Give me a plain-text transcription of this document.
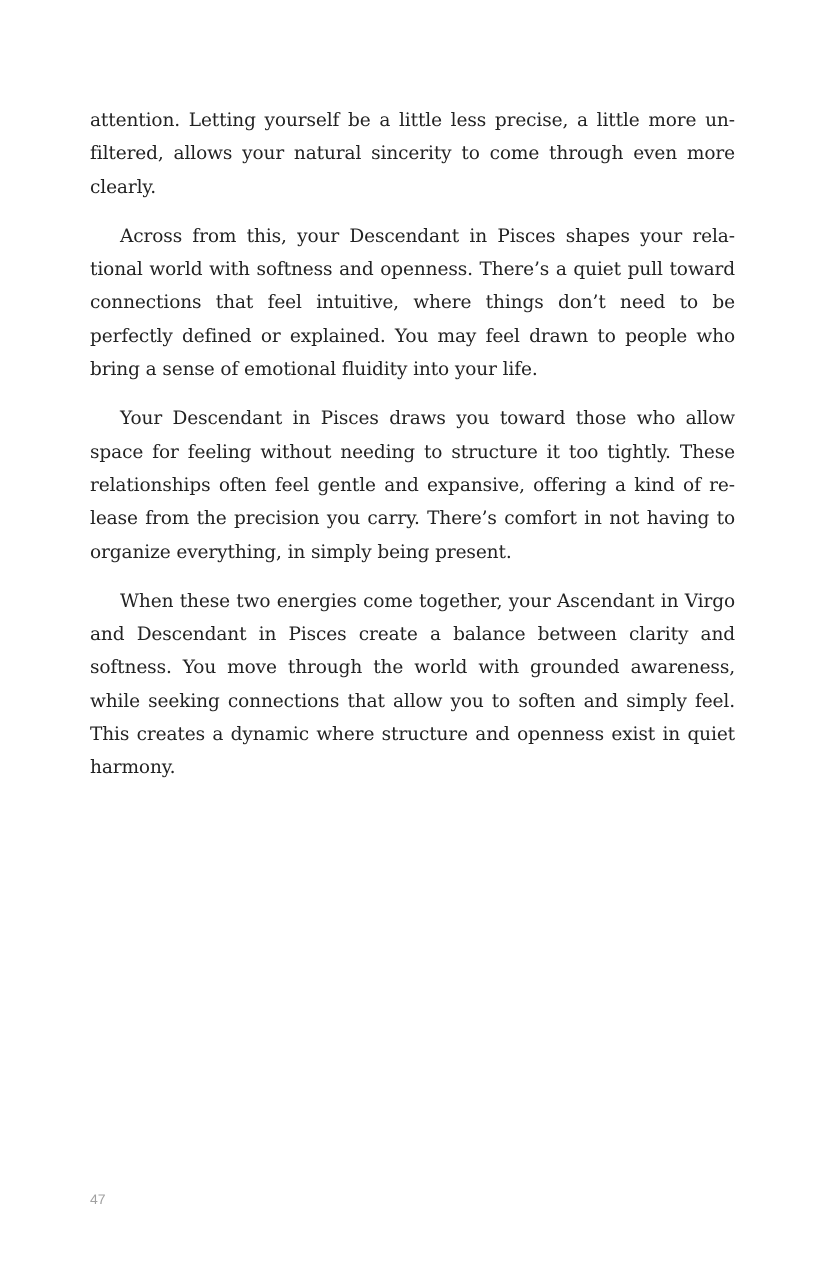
attention. Letting yourself be a little less precise, a little more unfiltered, allows your natural sincerity to come through even more clearly.

Across from this, your Descendant in Pisces shapes your relational world with softness and openness. There’s a quiet pull toward connections that feel intuitive, where things don’t need to be perfectly defined or explained. You may feel drawn to people who bring a sense of emotional fluidity into your life.

Your Descendant in Pisces draws you toward those who allow space for feeling without needing to structure it too tightly. These relationships often feel gentle and expansive, offering a kind of release from the precision you carry. There’s comfort in not having to organize everything, in simply being present.

When these two energies come together, your Ascendant in Virgo and Descendant in Pisces create a balance between clarity and softness. You move through the world with grounded awareness, while seeking connections that allow you to soften and simply feel. This creates a dynamic where structure and openness exist in quiet harmony.

47
